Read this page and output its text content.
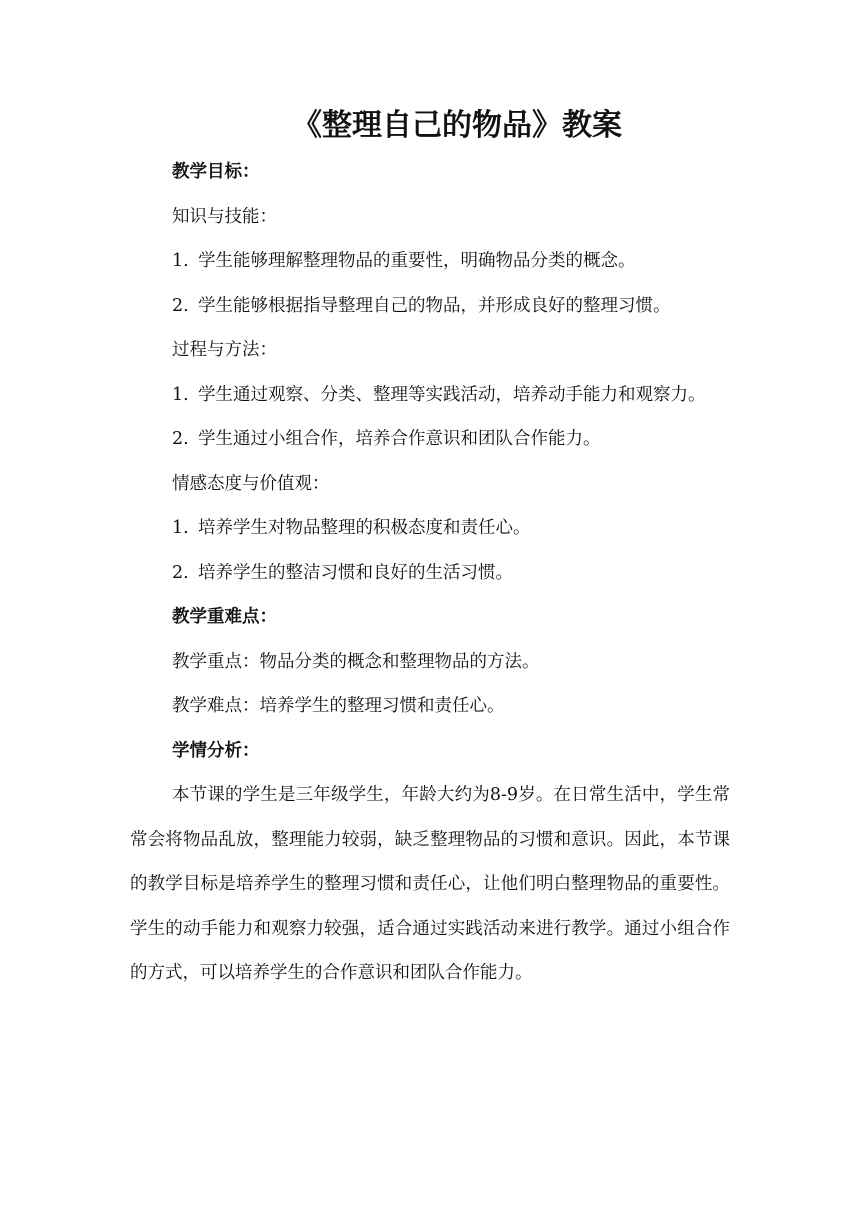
《整理自己的物品》教案

教学目标：

知识与技能：

1. 学生能够理解整理物品的重要性，明确物品分类的概念。

2. 学生能够根据指导整理自己的物品，并形成良好的整理习惯。

过程与方法：

1. 学生通过观察、分类、整理等实践活动，培养动手能力和观察力。

2. 学生通过小组合作，培养合作意识和团队合作能力。

情感态度与价值观：

1. 培养学生对物品整理的积极态度和责任心。

2. 培养学生的整洁习惯和良好的生活习惯。

教学重难点：

教学重点：物品分类的概念和整理物品的方法。

教学难点：培养学生的整理习惯和责任心。

学情分析：

本节课的学生是三年级学生，年龄大约为8-9岁。在日常生活中，学生常常会将物品乱放，整理能力较弱，缺乏整理物品的习惯和意识。因此，本节课的教学目标是培养学生的整理习惯和责任心，让他们明白整理物品的重要性。学生的动手能力和观察力较强，适合通过实践活动来进行教学。通过小组合作的方式，可以培养学生的合作意识和团队合作能力。
